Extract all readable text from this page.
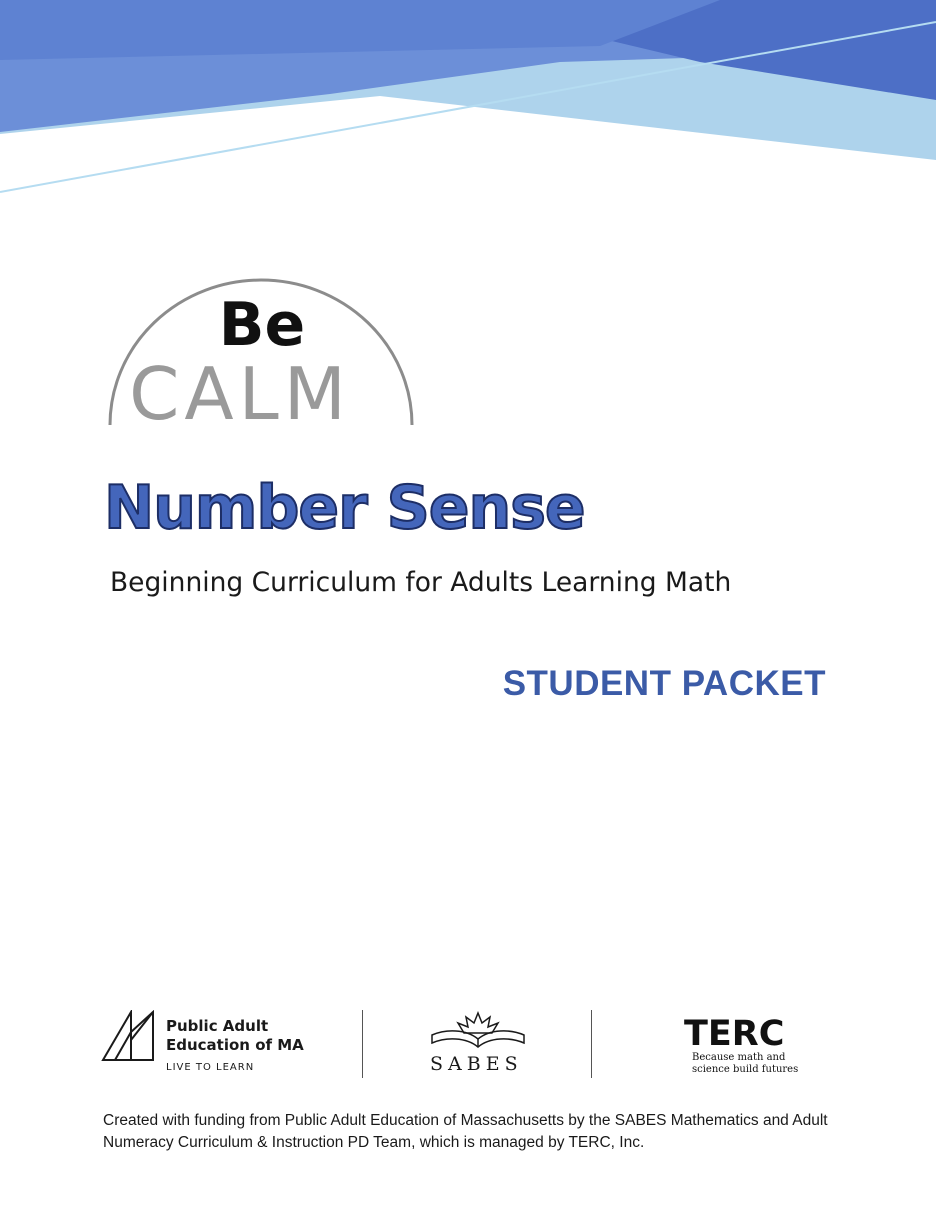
Be
CALM
Number Sense
Beginning Curriculum for Adults Learning Math
STUDENT PACKET
Public Adult Education of MA
LIVE TO LEARN	SABES
TERC
Because math and science build futures
Created with funding from Public Adult Education of Massachusetts by the SABES Mathematics and Adult Numeracy Curriculum & Instruction PD Team, which is managed by TERC, Inc.
